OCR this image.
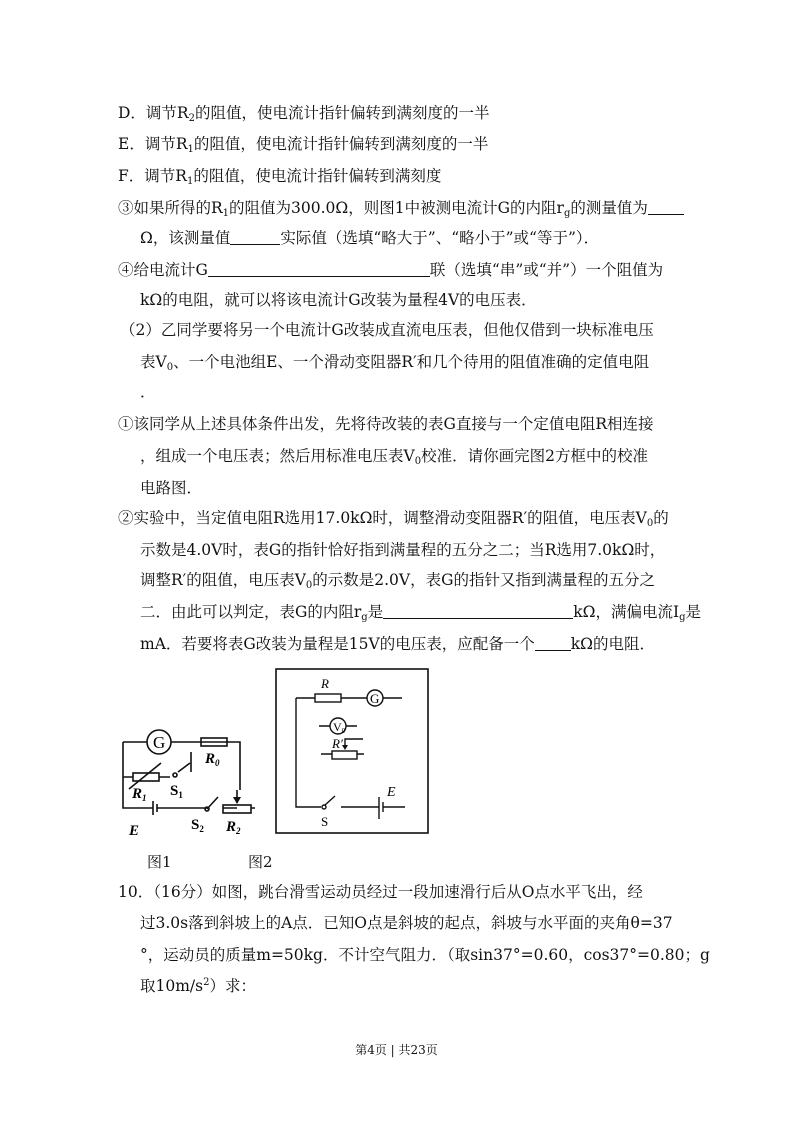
D．调节$R_2$的阻值，使电流计指针偏转到满刻度的一半
E．调节$R_1$的阻值，使电流计指针偏转到满刻度的一半
F．调节$R_1$的阻值，使电流计指针偏转到满刻度
③如果所得的$R_1$的阻值为300.0Ω，则图1中被测电流计G的内阻$r_g$的测量值为
Ω，该测量值	实际值（选填“略大于”、“略小于”或“等于”）．
④给电流计G	联（选填“串”或“并”）一个阻值为
kΩ的电阻，就可以将该电流计G改装为量程4V的电压表．
（2）乙同学要将另一个电流计G改装成直流电压表，但他仅借到一块标准电压
表$V_0$、一个电池组E、一个滑动变阻器R′和几个待用的阻值准确的定值电阻
．
①该同学从上述具体条件出发，先将待改装的表G直接与一个定值电阻R相连接
，组成一个电压表；然后用标准电压表$V_0$校准．请你画完图2方框中的校准
电路图．
②实验中，当定值电阻R选用17.0kΩ时，调整滑动变阻器R′的阻值，电压表$V_0$的
示数是4.0V时，表G的指针恰好指到满量程的五分之二；当R选用7.0kΩ时，
调整R′的阻值，电压表$V_0$的示数是2.0V，表G的指针又指到满量程的五分之
二．由此可以判定，表G的内阻$r_g$是	kΩ，满偏电流$I_g$是
mA．若要将表G改装为量程是15V的电压表，应配备一个 kΩ的电阻．
G
$R_0$
$R_1$ $S_1$
E	$S_2$ $R_2$
R
G
V0
R′
S
E
图1	图2
10．（16分）如图，跳台滑雪运动员经过一段加速滑行后从O点水平飞出，经
过3.0s落到斜坡上的A点．已知O点是斜坡的起点，斜坡与水平面的夹角θ=37
°，运动员的质量m=50kg．不计空气阻力．（取sin37°=0.60，cos37°=0.80；g
取$10m/s^2$）求：
第4页 | 共23页
